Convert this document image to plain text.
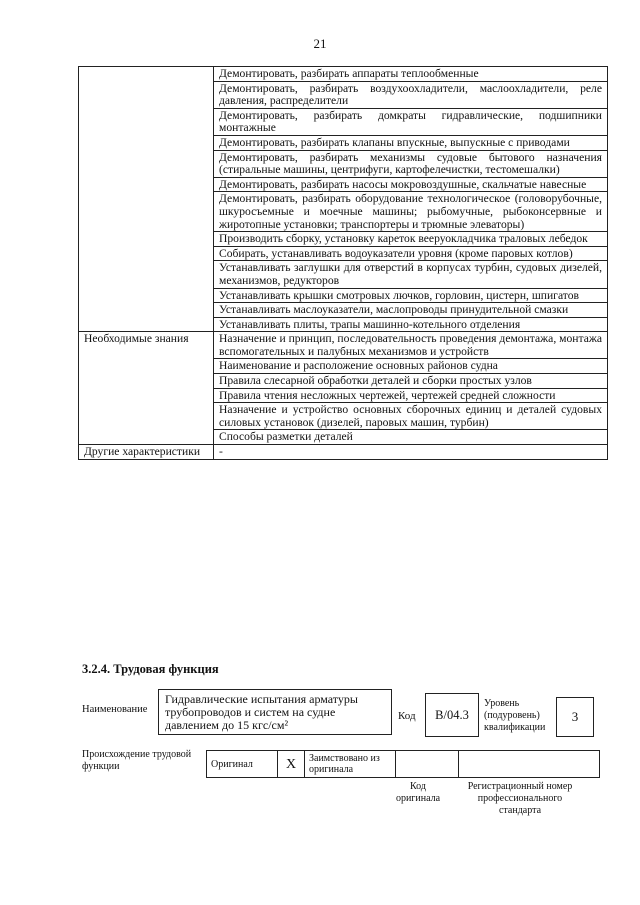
21
	Демонтировать, разбирать аппараты теплообменные
	Демонтировать, разбирать воздухоохладители, маслоохладители, реле давления, распределители
	Демонтировать, разбирать домкраты гидравлические, подшипники монтажные
	Демонтировать, разбирать клапаны впускные, выпускные с приводами
	Демонтировать, разбирать механизмы судовые бытового назначения (стиральные машины, центрифуги, картофелечистки, тестомешалки)
	Демонтировать, разбирать насосы мокровоздушные, скальчатые навесные
	Демонтировать, разбирать оборудование технологическое (головорубочные, шкуросъемные и моечные машины; рыбомучные, рыбоконсервные и жиротопные установки; транспортеры и трюмные элеваторы)
	Производить сборку, установку кареток вееруокладчика траловых лебедок
	Собирать, устанавливать водоуказатели уровня (кроме паровых котлов)
	Устанавливать заглушки для отверстий в корпусах турбин, судовых дизелей, механизмов, редукторов
	Устанавливать крышки смотровых лючков, горловин, цистерн, шпигатов
	Устанавливать маслоуказатели, маслопроводы принудительной смазки
	Устанавливать плиты, трапы машинно-котельного отделения
Необходимые знания	Назначение и принцип, последовательность проведения демонтажа, монтажа вспомогательных и палубных механизмов и устройств
	Наименование и расположение основных районов судна
	Правила слесарной обработки деталей и сборки простых узлов
	Правила чтения несложных чертежей, чертежей средней сложности
	Назначение и устройство основных сборочных единиц и деталей судовых силовых установок (дизелей, паровых машин, турбин)
	Способы разметки деталей
Другие характеристики	-
3.2.4. Трудовая функция
Наименование
Гидравлические испытания арматуры трубопроводов и систем на судне давлением до 15 кгс/см²
Код B/04.3
Уровень (подуровень) квалификации
3
Происхождение трудовой функции	Оригинал	X	Заимствовано из оригинала		
Код оригинала
Регистрационный номер профессионального стандарта
